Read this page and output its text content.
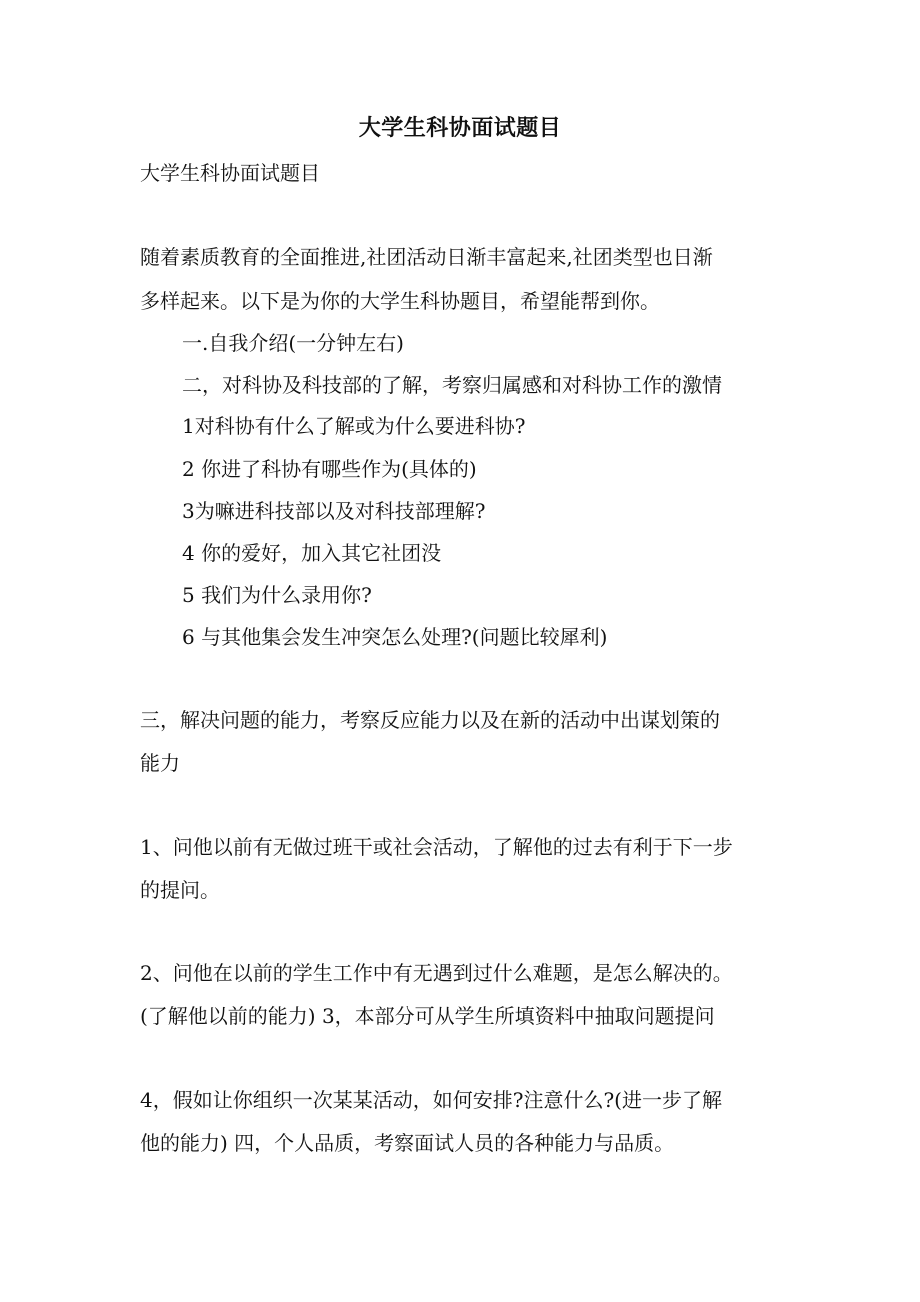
大学生科协面试题目
大学生科协面试题目
随着素质教育的全面推进,社团活动日渐丰富起来,社团类型也日渐
多样起来。以下是为你的大学生科协题目，希望能帮到你。
一.自我介绍(一分钟左右)
二，对科协及科技部的了解，考察归属感和对科协工作的激情
1对科协有什么了解或为什么要进科协?
2 你进了科协有哪些作为(具体的)
3为嘛进科技部以及对科技部理解?
4 你的爱好，加入其它社团没
5 我们为什么录用你?
6 与其他集会发生冲突怎么处理?(问题比较犀利)
三，解决问题的能力，考察反应能力以及在新的活动中出谋划策的
能力
1、问他以前有无做过班干或社会活动，了解他的过去有利于下一步
的提问。
2、问他在以前的学生工作中有无遇到过什么难题，是怎么解决的。
(了解他以前的能力) 3，本部分可从学生所填资料中抽取问题提问
4，假如让你组织一次某某活动，如何安排?注意什么?(进一步了解
他的能力) 四，个人品质，考察面试人员的各种能力与品质。
